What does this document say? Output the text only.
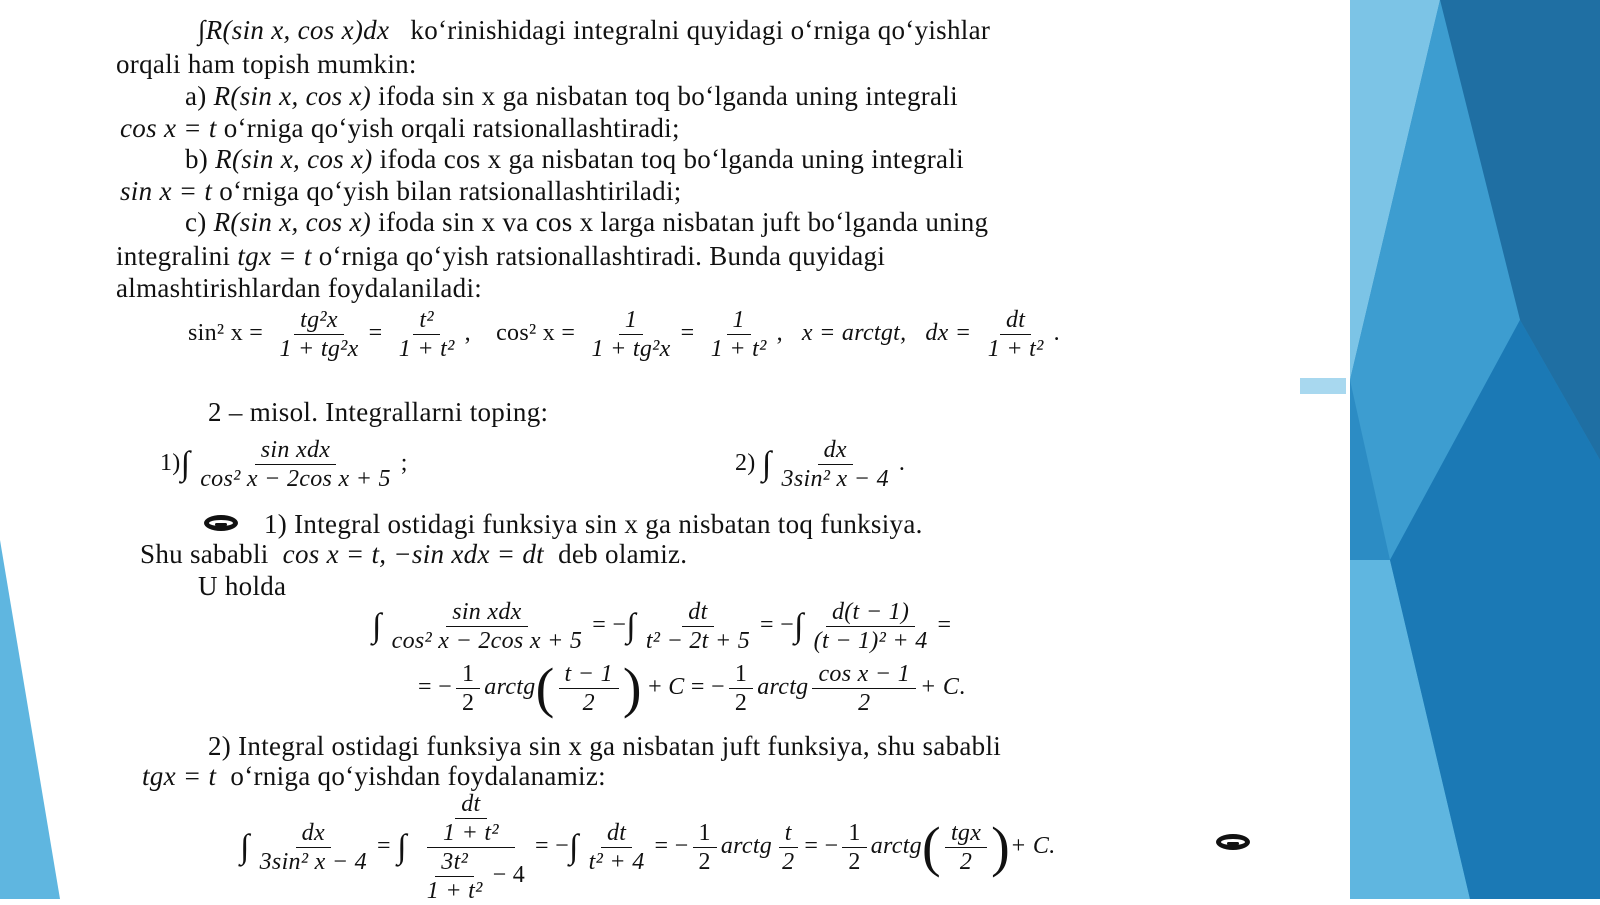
∫R(sin x, cos x)dx ko‘rinishidagi integralni quyidagi o‘rniga qo‘yishlar
orqali ham topish mumkin:
a) R(sin x, cos x) ifoda sin x ga nisbatan toq bo‘lganda uning integrali
cos x = t o‘rniga qo‘yish orqali ratsionallashtiradi;
b) R(sin x, cos x) ifoda cos x ga nisbatan toq bo‘lganda uning integrali
sin x = t o‘rniga qo‘yish bilan ratsionallashtiriladi;
c) R(sin x, cos x) ifoda sin x va cos x larga nisbatan juft bo‘lganda uning
integralini tgx = t o‘rniga qo‘yish ratsionallashtiradi. Bunda quyidagi
almashtirishlardan foydalaniladi:
sin² $x = \frac{\text{tg²x}}{\text{1 + tg²x}} = \frac{\text{t²}}{\text{1 + t²}}$ ,    cos² $x = \frac{1}{\text{1 + tg²x}} = \frac{1}{\text{1 + t²}}$ ,   x = arctgt, dx = $\frac{dt}{\text{1 + t²}}$ .
2 – misol. Integrallarni toping:
1)∫	sin xdx
cos² x − 2cos x + 5
;	2) ∫ $\frac{dx}{\text{3sin² x − 4}}$ .
1) Integral ostidagi funksiya sin x ga nisbatan toq funksiya.
Shu sababli cos x = t, −sin xdx = dt deb olamiz.
U holda
∫	sin xdx
cos² x − 2cos x + 5
= −∫ $\frac{dt}{\text{t² − 2t + 5}}$ = −∫ $\frac{d(t - 1)}{\text{(t − 1)² + 4}}$ =
= − $\frac{1}{2}$ arctg( $\frac{t - 1}{2}$ ) + C = − $\frac{1}{2}$ arctg $\frac{\text{cos x − 1}}{2} + C$.
2) Integral ostidagi funksiya sin x ga nisbatan juft funksiya, shu sabablі
tgx = t o‘rniga qo‘yishdan foydalanamiz:
∫ $\frac{dx}{\text{3sin² x − 4}}$ = ∫ $\frac{\frac{dt}{\text{1 + t²}}}{\frac{\text{3t²}}{\text{1 + t²}} - 4}$ = −∫ $\frac{dt}{\text{t² + 4}}$ = − $\frac{1}{2}$ arctg $\frac{t}{2}$ = − $\frac{1}{2}$ arctg( tgx
2 )+ C.
